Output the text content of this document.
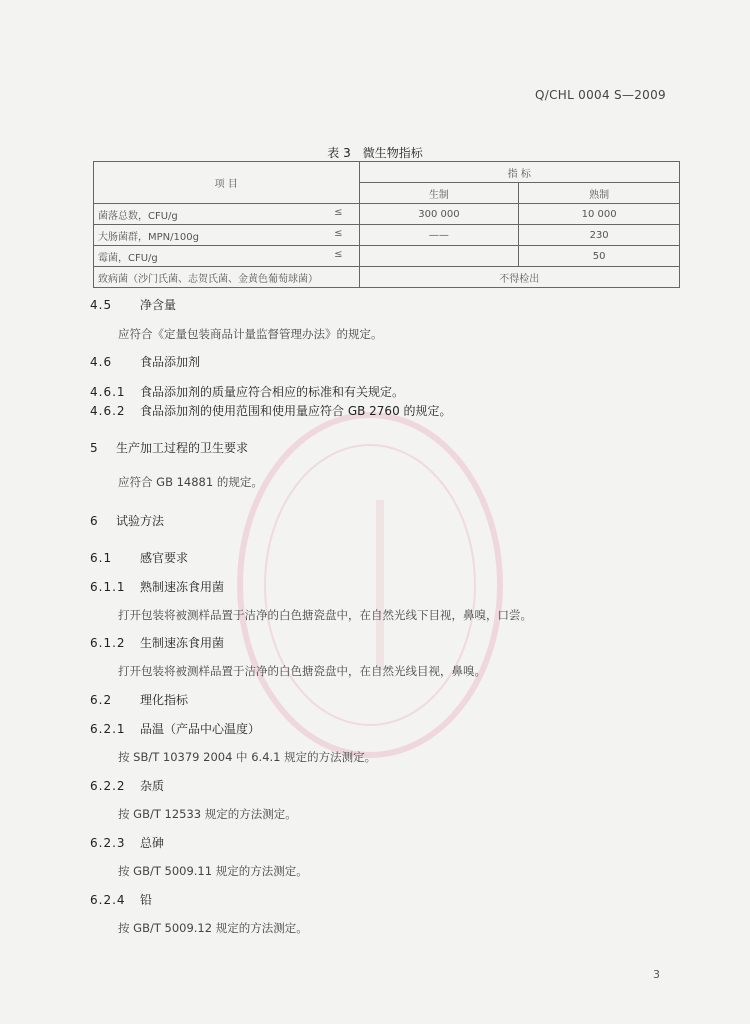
Q/CHL 0004 S—2009
表 3 微生物指标
项 目	指 标	
	生制	熟制
菌落总数，CFU/g ≤	300 000	10 000
大肠菌群，MPN/100g ≤	——	230
霉菌，CFU/g ≤		50
致病菌（沙门氏菌、志贺氏菌、金黄色葡萄球菌）	不得检出	
4.5 净含量
应符合《定量包装商品计量监督管理办法》的规定。
4.6 食品添加剂
4.6.1 食品添加剂的质量应符合相应的标准和有关规定。
4.6.2 食品添加剂的使用范围和使用量应符合 GB 2760 的规定。
5 生产加工过程的卫生要求
应符合 GB 14881 的规定。
6 试验方法
6.1 感官要求
6.1.1 熟制速冻食用菌
打开包装将被测样品置于洁净的白色搪瓷盘中，在自然光线下目视，鼻嗅，口尝。
6.1.2 生制速冻食用菌
打开包装将被测样品置于洁净的白色搪瓷盘中，在自然光线目视，鼻嗅。
6.2 理化指标
6.2.1 品温（产品中心温度）
按 SB/T 10379 2004 中 6.4.1 规定的方法测定。
6.2.2 杂质
按 GB/T 12533 规定的方法测定。
6.2.3 总砷
按 GB/T 5009.11 规定的方法测定。
6.2.4 铅
按 GB/T 5009.12 规定的方法测定。
3
